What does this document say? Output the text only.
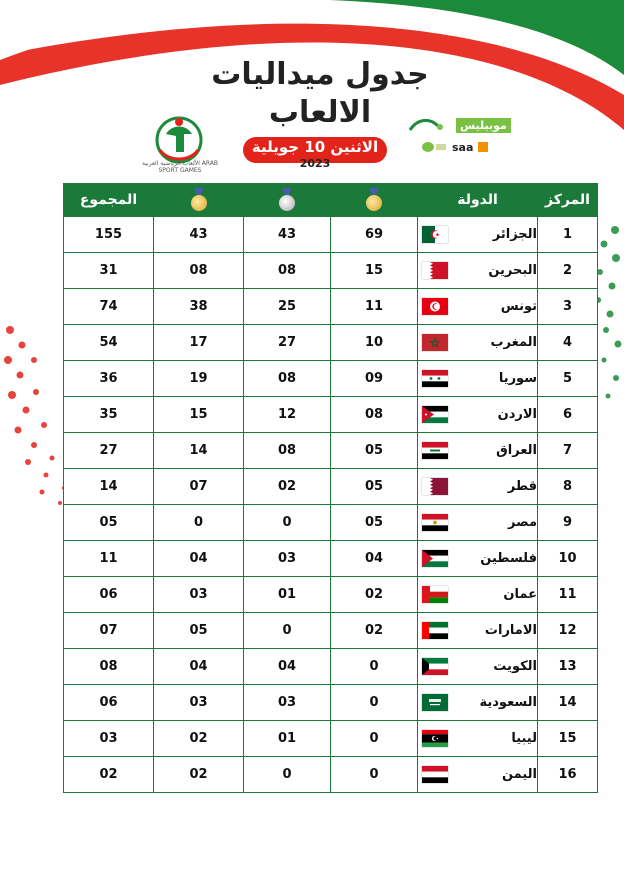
جدول ميداليات
الالعاب
الاثنين 10 جويلية
2023
الألعاب الرياضية العربية ARAB SPORT GAMES
موبيليس
saa
المركز	الدولة				المجموع
1	الجزائر	69	43	43	155
2	البحرين	15	08	08	31
3	تونس	11	25	38	74
4	المغرب	10	27	17	54
5	سوريا	09	08	19	36
6	الاردن	08	12	15	35
7	العراق	05	08	14	27
8	قطر	05	02	07	14
9	مصر	05	0	0	05
10	فلسطين	04	03	04	11
11	عمان	02	01	03	06
12	الامارات	02	0	05	07
13	الكويت	0	04	04	08
14	السعودية	0	03	03	06
15	ليبيا	0	01	02	03
16	اليمن	0	0	02	02
